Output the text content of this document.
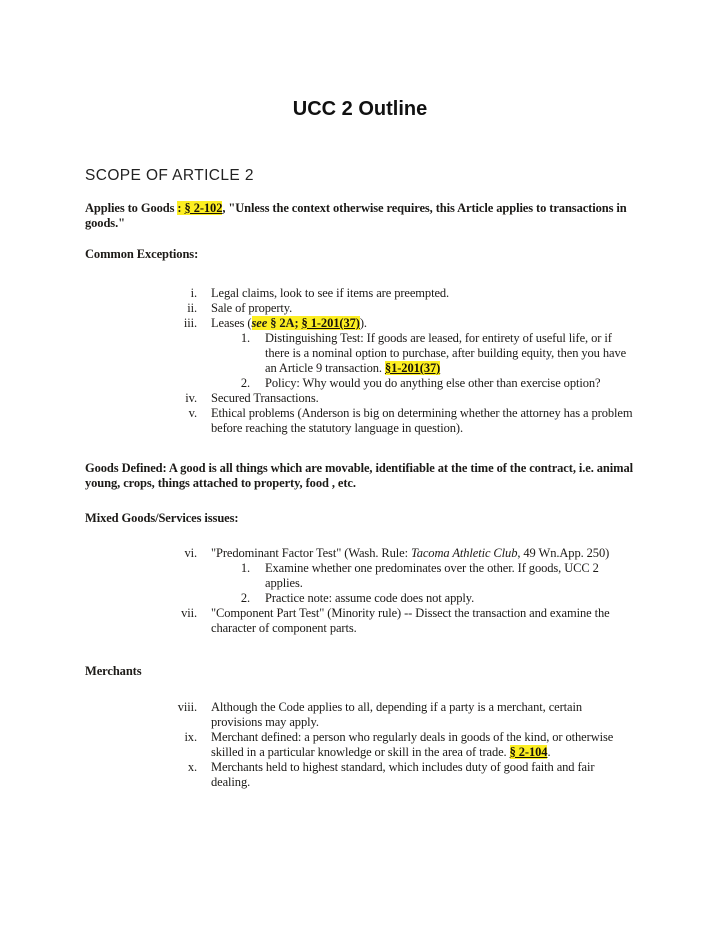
UCC 2 Outline
SCOPE OF ARTICLE 2

Applies to Goods : § 2-102, "Unless the context otherwise requires, this Article applies to transactions in goods."

Common Exceptions:

i.	Legal claims, look to see if items are preempted.
ii.	Sale of property.
iii.	Leases (see § 2A; § 1-201(37)).
1.	Distinguishing Test: If goods are leased, for entirety of useful life, or if there is a nominal option to purchase, after building equity, then you have an Article 9 transaction. §1-201(37)
2.	Policy: Why would you do anything else other than exercise option?
iv.	Secured Transactions.
v.	Ethical problems (Anderson is big on determining whether the attorney has a problem before reaching the statutory language in question).

Goods Defined: A good is all things which are movable, identifiable at the time of the contract, i.e. animal young, crops, things attached to property, food , etc.

Mixed Goods/Services issues:

vi.	"Predominant Factor Test" (Wash. Rule: Tacoma Athletic Club, 49 Wn.App. 250)
1.	Examine whether one predominates over the other. If goods, UCC 2 applies.
2.	Practice note: assume code does not apply.
vii.	"Component Part Test" (Minority rule) -- Dissect the transaction and examine the character of component parts.

Merchants

viii.	Although the Code applies to all, depending if a party is a merchant, certain provisions may apply.
ix.	Merchant defined: a person who regularly deals in goods of the kind, or otherwise skilled in a particular knowledge or skill in the area of trade. § 2-104.
x.	Merchants held to highest standard, which includes duty of good faith and fair dealing.
